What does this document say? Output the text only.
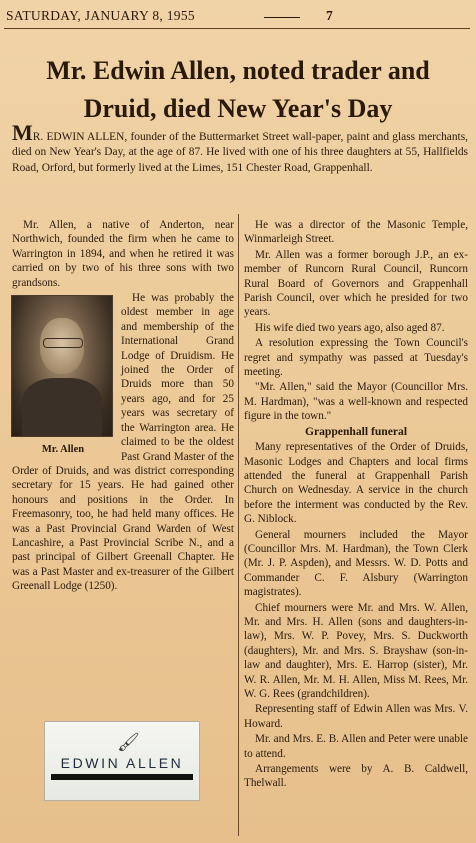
SATURDAY, JANUARY 8, 1955	7
Mr. Edwin Allen, noted trader and Druid, died New Year's Day
MR. EDWIN ALLEN, founder of the Buttermarket Street wall-paper, paint and glass merchants, died on New Year's Day, at the age of 87. He lived with one of his three daughters at 55, Hallfields Road, Orford, but formerly lived at the Limes, 151 Chester Road, Grappenhall.

Mr. Allen, a native of Anderton, near Northwich, founded the firm when he came to Warrington in 1894, and when he retired it was carried on by two of his three sons with two grandsons.

Mr. Allen

He was probably the oldest member in age and membership of the International Grand Lodge of Druidism. He joined the Order of Druids more than 50 years ago, and for 25 years was secretary of the Warrington area. He claimed to be the oldest Past Grand Master of the Order of Druids, and was district corresponding secretary for 15 years. He had gained other honours and positions in the Order. In Freemasonry, too, he had held many offices. He was a Past Provincial Grand Warden of West Lancashire, a Past Provincial Scribe N., and a past principal of Gilbert Greenall Chapter. He was a Past Master and ex-treasurer of the Gilbert Greenall Lodge (1250).

He was a director of the Masonic Temple, Winmarleigh Street.

Mr. Allen was a former borough J.P., an ex-member of Runcorn Rural Council, Runcorn Rural Board of Governors and Grappenhall Parish Council, over which he presided for two years.

His wife died two years ago, also aged 87.

A resolution expressing the Town Council's regret and sympathy was passed at Tuesday's meeting.

"Mr. Allen," said the Mayor (Councillor Mrs. M. Hardman), "was a well-known and respected figure in the town."

Grappenhall funeral

Many representatives of the Order of Druids, Masonic Lodges and Chapters and local firms attended the funeral at Grappenhall Parish Church on Wednesday. A service in the church before the interment was conducted by the Rev. G. Niblock.

General mourners included the Mayor (Councillor Mrs. M. Hardman), the Town Clerk (Mr. J. P. Aspden), and Messrs. W. D. Potts and Commander C. F. Alsbury (Warrington magistrates).

Chief mourners were Mr. and Mrs. W. Allen, Mr. and Mrs. H. Allen (sons and daughters-in-law), Mrs. W. P. Povey, Mrs. S. Duckworth (daughters), Mr. and Mrs. S. Brayshaw (son-in-law and daughter), Mrs. E. Harrop (sister), Mr. W. R. Allen, Mr. M. H. Allen, Miss M. Rees, Mr. W. G. Rees (grandchildren).

Representing staff of Edwin Allen was Mrs. V. Howard.

Mr. and Mrs. E. B. Allen and Peter were unable to attend.

Arrangements were by A. B. Caldwell, Thelwall.

🖌
EDWIN ALLEN
